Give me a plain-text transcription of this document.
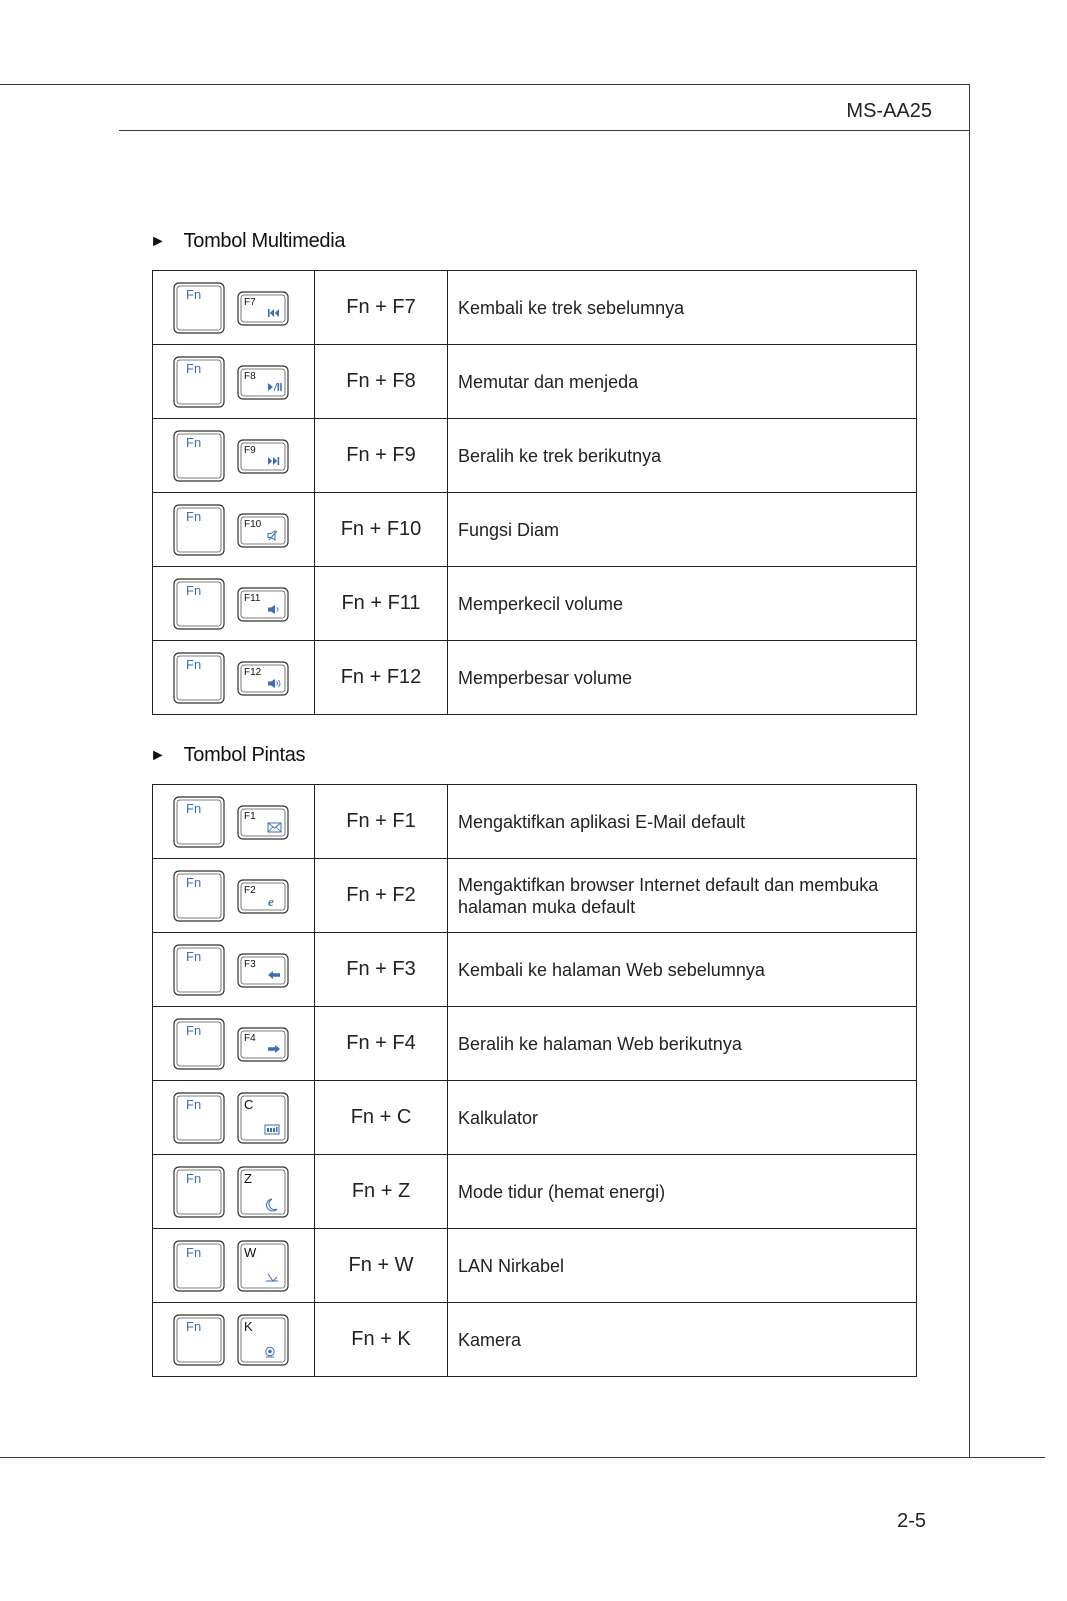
MS-AA25
► Tombol Multimedia
Fn
F7	Fn + F7	Kembali ke trek sebelumnya

Fn
F8	Fn + F8	Memutar dan menjeda

Fn
F9	Fn + F9	Beralih ke trek berikutnya

Fn
F10	Fn + F10	Fungsi Diam

Fn
F11	Fn + F11	Memperkecil volume

Fn
F12	Fn + F12	Memperbesar volume
► Tombol Pintas
Fn
F1	Fn + F1	Mengaktifkan aplikasi E-Mail default

Fn
F2
e	Fn + F2	Mengaktifkan browser Internet default dan membuka halaman muka default

Fn
F3	Fn + F3	Kembali ke halaman Web sebelumnya

Fn
F4	Fn + F4	Beralih ke halaman Web berikutnya

Fn C	Fn + C	Kalkulator

Fn Z	Fn + Z	Mode tidur (hemat energi)

Fn W	Fn + W	LAN Nirkabel

Fn K	Fn + K	Kamera
2-5
